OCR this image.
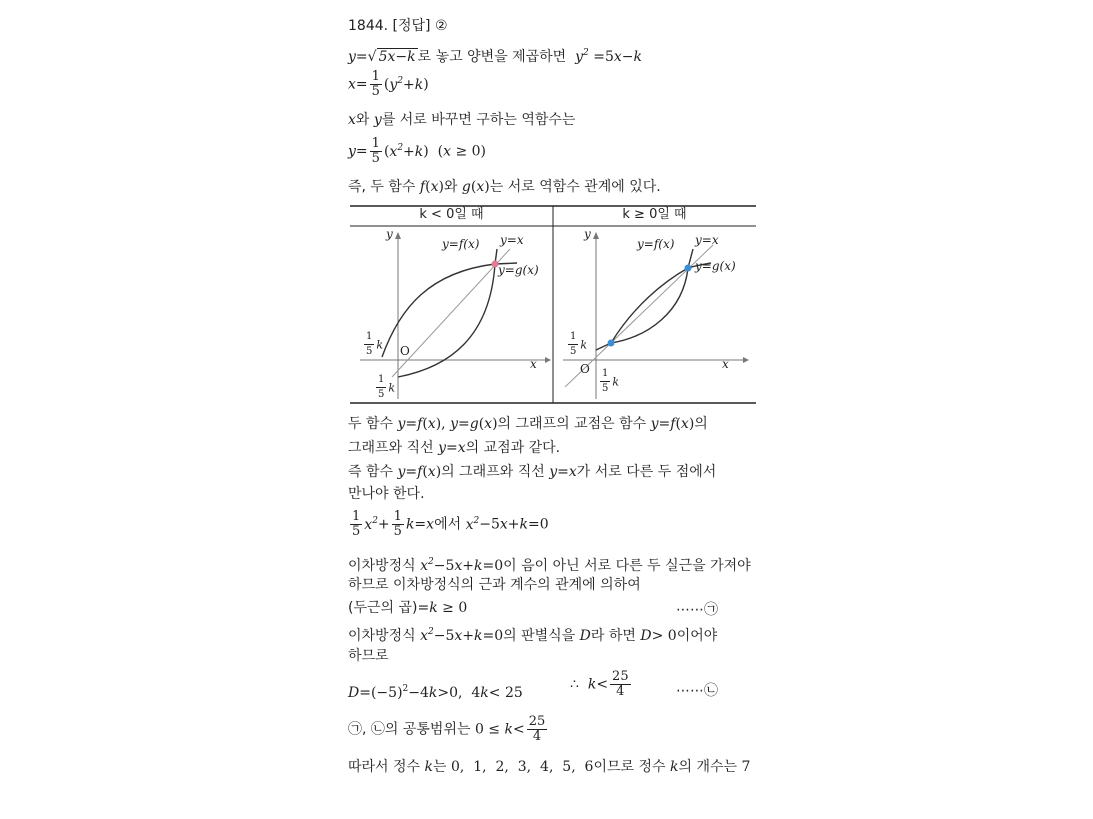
1844. [정답] ②
y=√ 5x−k 로 놓고 양변을 제곱하면 $y^2 =5x-k$
$x= \frac{1}{5} (y^2+k)$
x와 y를 서로 바꾸면 구하는 역함수는
$y= \frac{1}{5} (x^2+k) (x \ge 0)$
즉, 두 함수 f(x)와 g(x)는 서로 역함수 관계에 있다.
k < 0일 때	k ≥ 0일 때
y
x
O
y=f(x) y=x
y=g(x)
$\frac{1}{5}$ k
$\frac{1}{5}$ k
y
x
O
y=f(x) y=x
y=g(x)
$\frac{1}{5}$ k
$\frac{1}{5}$ k
두 함수 y=f(x), y=g(x)의 그래프의 교점은 함수 y=f(x)의
그래프와 직선 y=x의 교점과 같다.
즉 함수 y=f(x)의 그래프와 직선 y=x가 서로 다른 두 점에서
만나야 한다.
$\frac{1}{5} x^2+ \frac{1}{5} k=x$에서 $x^2-5x+k=0$
이차방정식 $x^2-5x+k=0$이 음이 아닌 서로 다른 두 실근을 가져야
하므로 이차방정식의 근과 계수의 관계에 의하여
(두근의 곱)=k ≥ 0	⋯⋯㉠
이차방정식 $x^2-5x+k=0$의 판별식을 D라 하면 D> 0이어야
하므로
$D=(-5)^2-4k>0$,  4k< 25
∴ $k< \frac{25}{4}$	⋯⋯㉡
㉠, ㉡의 공통범위는 $0 \le k< \frac{25}{4}$
따라서 정수 k는 0,  1,  2,  3,  4,  5,  6이므로 정수 k의 개수는 7
